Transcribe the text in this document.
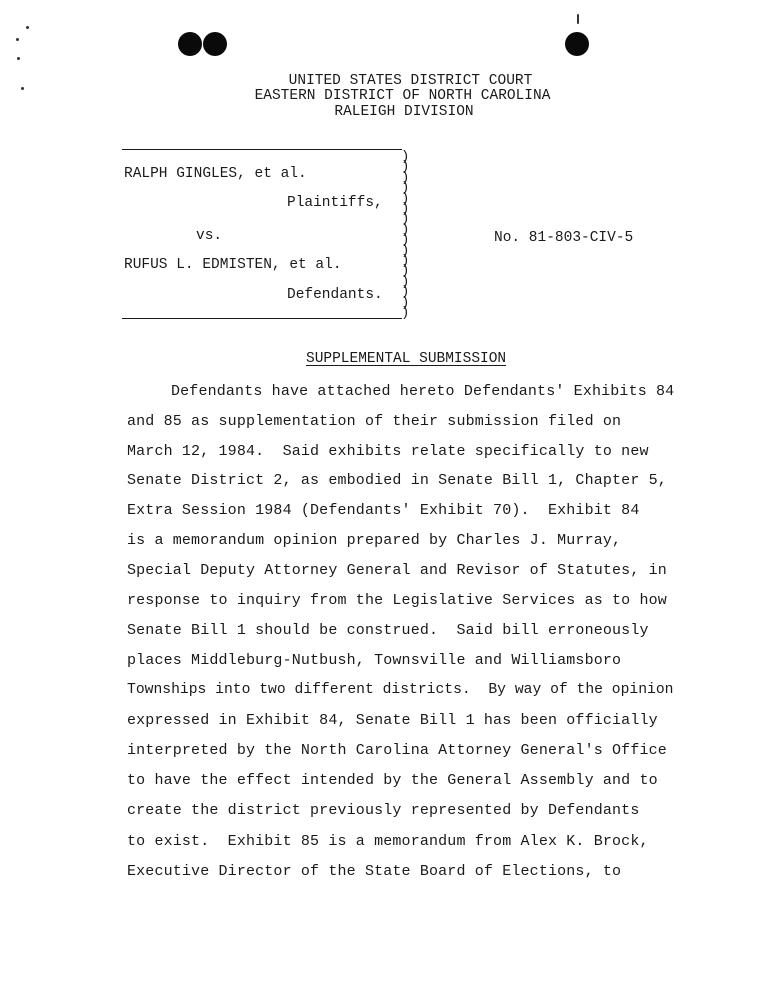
UNITED STATES DISTRICT COURT
EASTERN DISTRICT OF NORTH CAROLINA
RALEIGH DIVISION
)
)
)
)
)
)
)
)
)
)
)
)
)
)
)
)
RALPH GINGLES, et al.
Plaintiffs,
vs.
RUFUS L. EDMISTEN, et al.
Defendants.
No. 81-803-CIV-5
SUPPLEMENTAL SUBMISSION
Defendants have attached hereto Defendants' Exhibits 84
and 85 as supplementation of their submission filed on
March 12, 1984.  Said exhibits relate specifically to new
Senate District 2, as embodied in Senate Bill 1, Chapter 5,
Extra Session 1984 (Defendants' Exhibit 70).  Exhibit 84
is a memorandum opinion prepared by Charles J. Murray,
Special Deputy Attorney General and Revisor of Statutes, in
response to inquiry from the Legislative Services as to how
Senate Bill 1 should be construed.  Said bill erroneously
places Middleburg-Nutbush, Townsville and Williamsboro
Townships into two different districts.  By way of the opinion
expressed in Exhibit 84, Senate Bill 1 has been officially
interpreted by the North Carolina Attorney General's Office
to have the effect intended by the General Assembly and to
create the district previously represented by Defendants
to exist.  Exhibit 85 is a memorandum from Alex K. Brock,
Executive Director of the State Board of Elections, to
